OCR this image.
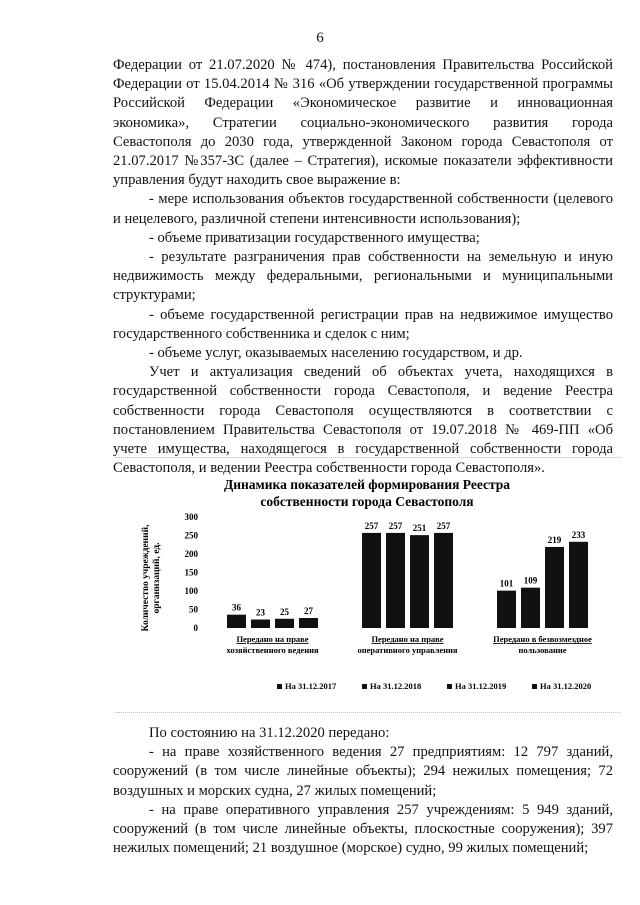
6

Федерации от 21.07.2020 № 474), постановления Правительства Российской Федерации от 15.04.2014 № 316 «Об утверждении государственной программы Российской Федерации «Экономическое развитие и инновационная экономика», Стратегии социально-экономического развития города Севастополя до 2030 года, утвержденной Законом города Севастополя от 21.07.2017 №357-ЗС (далее – Стратегия), искомые показатели эффективности управления будут находить свое выражение в:

- мере использования объектов государственной собственности (целевого и нецелевого, различной степени интенсивности использования);

- объеме приватизации государственного имущества;

- результате разграничения прав собственности на земельную и иную недвижимость между федеральными, региональными и муниципальными структурами;

- объеме государственной регистрации прав на недвижимое имущество государственного собственника и сделок с ним;

- объеме услуг, оказываемых населению государством, и др.

Учет и актуализация сведений об объектах учета, находящихся в государственной собственности города Севастополя, и ведение Реестра собственности города Севастополя осуществляются в соответствии с постановлением Правительства Севастополя от 19.07.2018 № 469-ПП «Об учете имущества, находящегося в государственной собственности города Севастополя, и ведении Реестра собственности города Севастополя».

Динамика показателей формирования Реестра
собственности города Севастополя
Количество учреждений, организаций, ед.
0
50
100
150
200
250
300
36 23 25 27
257 257 251 257
101 109
219
233
Передано на праве
хозяйственного ведения
Передано на праве
оперативного управления
Передано в безвозмездное
пользование
На 31.12.2017	На 31.12.2018	На 31.12.2019	На 31.12.2020

По состоянию на 31.12.2020 передано:

- на праве хозяйственного ведения 27 предприятиям: 12 797 зданий, сооружений (в том числе линейные объекты); 294 нежилых помещения; 72 воздушных и морских судна, 27 жилых помещений;

- на праве оперативного управления 257 учреждениям: 5 949 зданий, сооружений (в том числе линейные объекты, плоскостные сооружения); 397 нежилых помещений; 21 воздушное (морское) судно, 99 жилых помещений;
